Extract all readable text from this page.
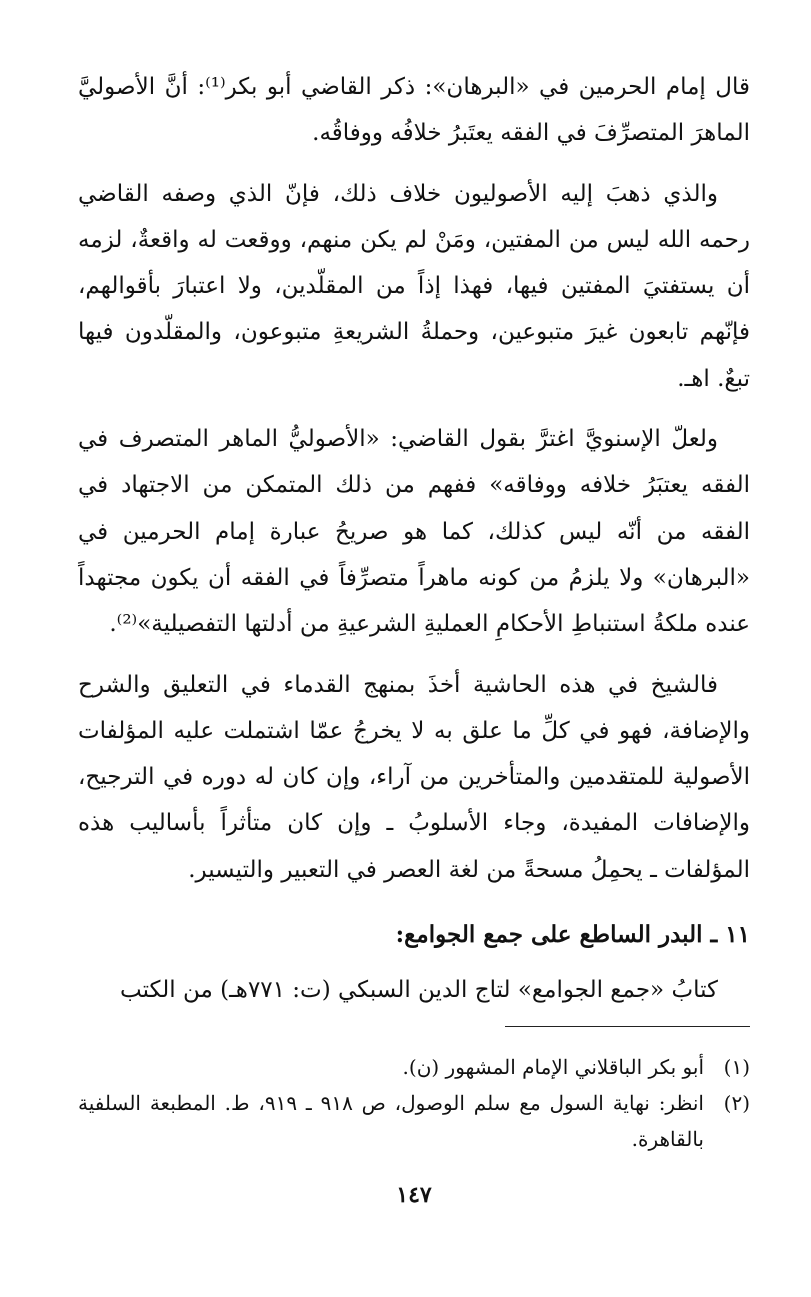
قال إمام الحرمين في «البرهان»: ذكر القاضي أبو بكر⁽¹⁾: أنَّ الأصوليَّ الماهرَ المتصرِّفَ في الفقه يعتَبرُ خلافُه ووفاقُه.

والذي ذهبَ إليه الأصوليون خلاف ذلك، فإنّ الذي وصفه القاضي رحمه الله ليس من المفتين، ومَنْ لم يكن منهم، ووقعت له واقعةٌ، لزمه أن يستفتيَ المفتين فيها، فهذا إذاً من المقلّدين، ولا اعتبارَ بأقوالهم، فإنّهم تابعون غيرَ متبوعين، وحملةُ الشريعةِ متبوعون، والمقلّدون فيها تبعٌ. اهـ.

ولعلّ الإسنويَّ اغترَّ بقول القاضي: «الأصوليُّ الماهر المتصرف في الفقه يعتبَرُ خلافه ووفاقه» ففهم من ذلك المتمكن من الاجتهاد في الفقه من أنّه ليس كذلك، كما هو صريحُ عبارة إمام الحرمين في «البرهان» ولا يلزمُ من كونه ماهراً متصرِّفاً في الفقه أن يكون مجتهداً عنده ملكةُ استنباطِ الأحكامِ العمليةِ الشرعيةِ من أدلتها التفصيلية»⁽²⁾.

فالشيخ في هذه الحاشية أخذَ بمنهج القدماء في التعليق والشرح والإضافة، فهو في كلِّ ما علق به لا يخرجُ عمّا اشتملت عليه المؤلفات الأصولية للمتقدمين والمتأخرين من آراء، وإن كان له دوره في الترجيح، والإضافات المفيدة، وجاء الأسلوبُ ـ وإن كان متأثراً بأساليب هذه المؤلفات ـ يحمِلُ مسحةً من لغة العصر في التعبير والتيسير.

١١ ـ البدر الساطع على جمع الجوامع:

كتابُ «جمع الجوامع» لتاج الدين السبكي (ت: ٧٧١هـ) من الكتب

(١)
أبو بكر الباقلاني الإمام المشهور (ن).
(٢)
انظر: نهاية السول مع سلم الوصول، ص ٩١٨ ـ ٩١٩، ط. المطبعة السلفية بالقاهرة.
١٤٧
